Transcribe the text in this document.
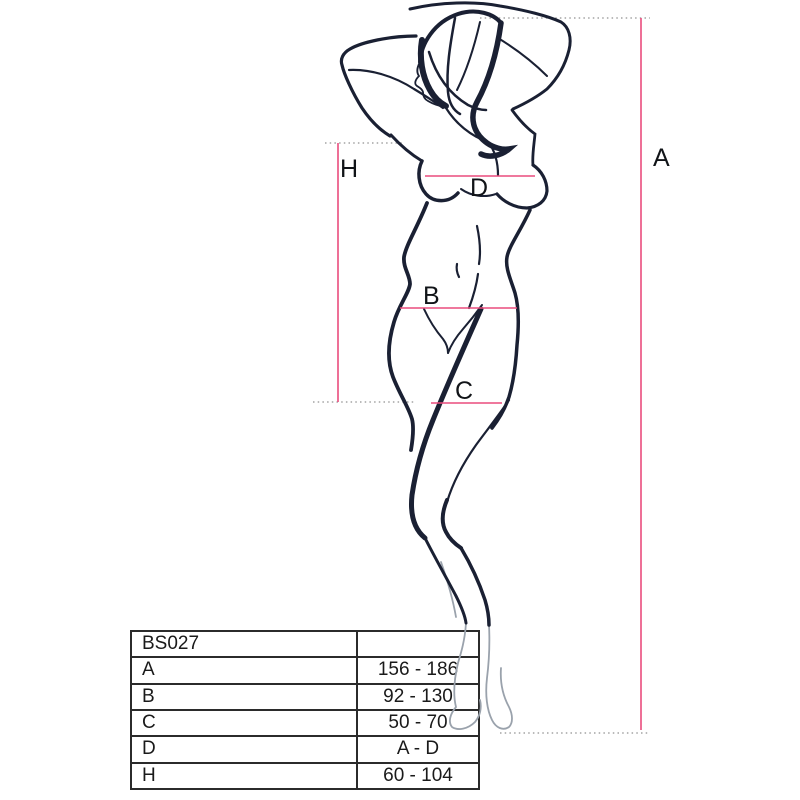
BS027	
A	156 - 186
B	92 - 130
C	50 - 70
D	A - D
H	60 - 104
A
H
D
B
C
